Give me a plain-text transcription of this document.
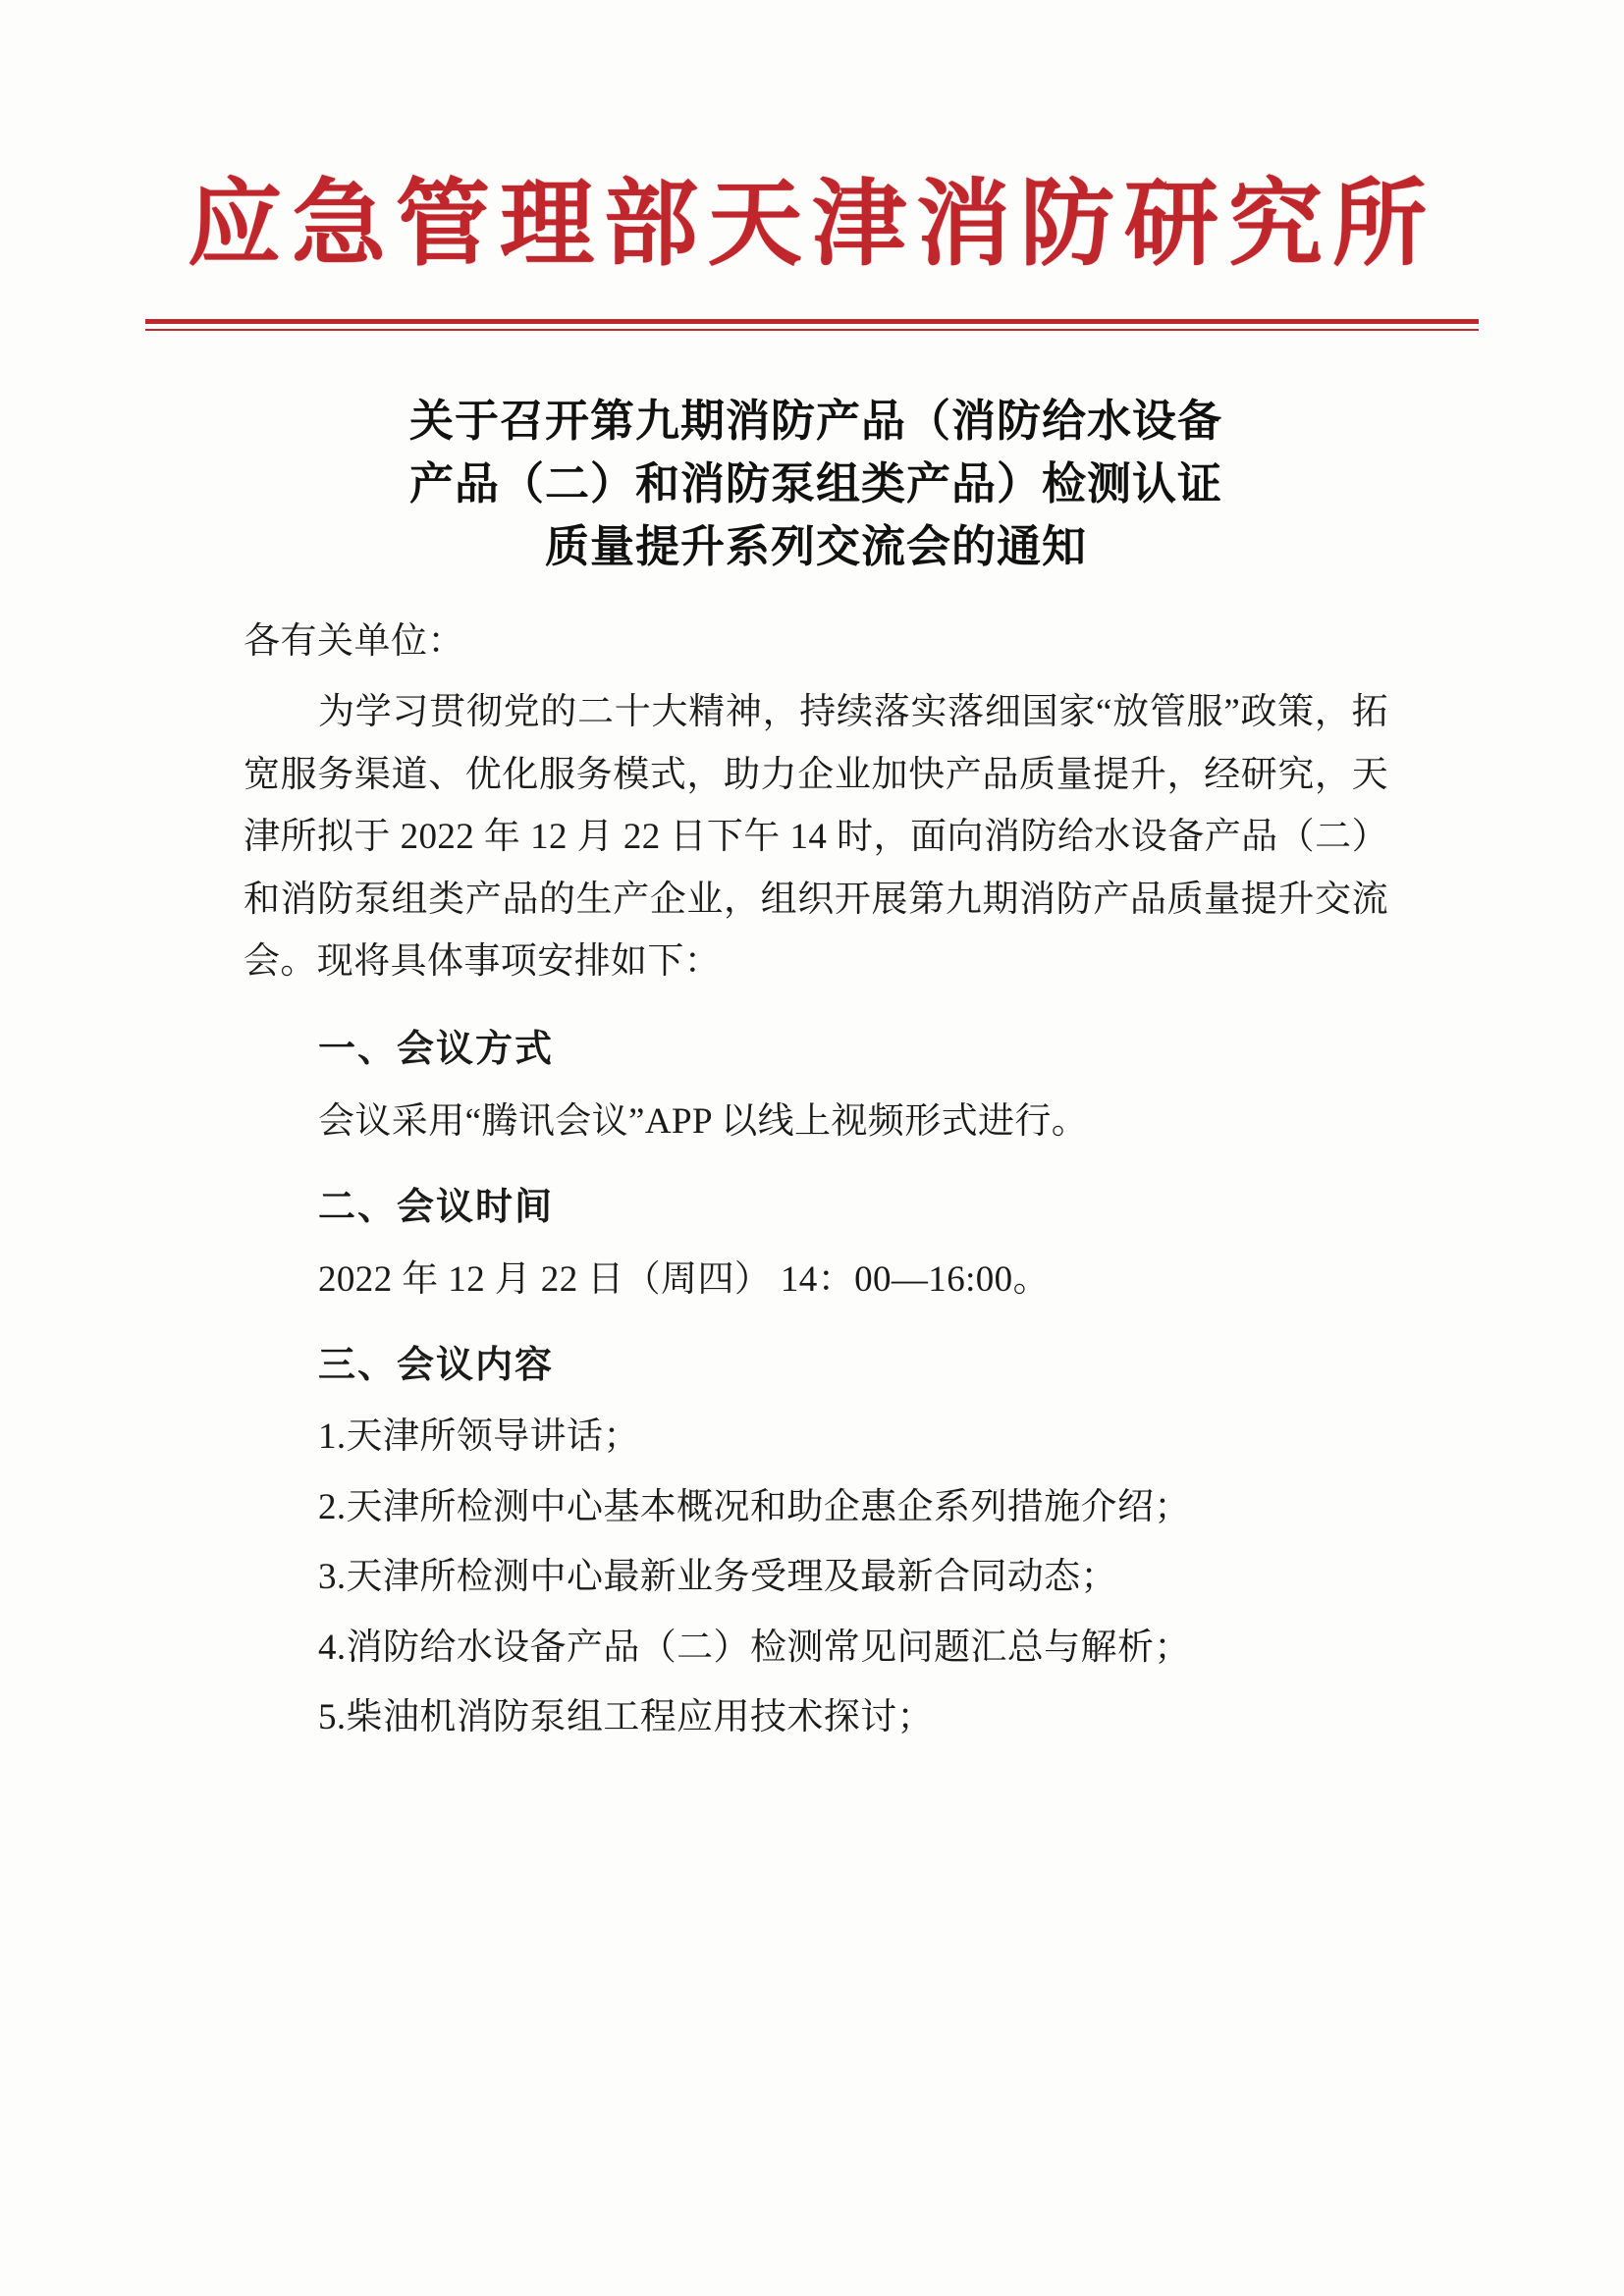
应急管理部天津消防研究所
关于召开第九期消防产品（消防给水设备
产品（二）和消防泵组类产品）检测认证
质量提升系列交流会的通知
各有关单位：

为学习贯彻党的二十大精神，持续落实落细国家“放管服”政策，拓宽服务渠道、优化服务模式，助力企业加快产品质量提升，经研究，天津所拟于 2022 年 12 月 22 日下午 14 时，面向消防给水设备产品（二）和消防泵组类产品的生产企业，组织开展第九期消防产品质量提升交流会。现将具体事项安排如下：

一、会议方式
会议采用“腾讯会议”APP 以线上视频形式进行。
二、会议时间
2022 年 12 月 22 日（周四） 14：00—16:00。
三、会议内容
1.天津所领导讲话；
2.天津所检测中心基本概况和助企惠企系列措施介绍；
3.天津所检测中心最新业务受理及最新合同动态；
4.消防给水设备产品（二）检测常见问题汇总与解析；
5.柴油机消防泵组工程应用技术探讨；
